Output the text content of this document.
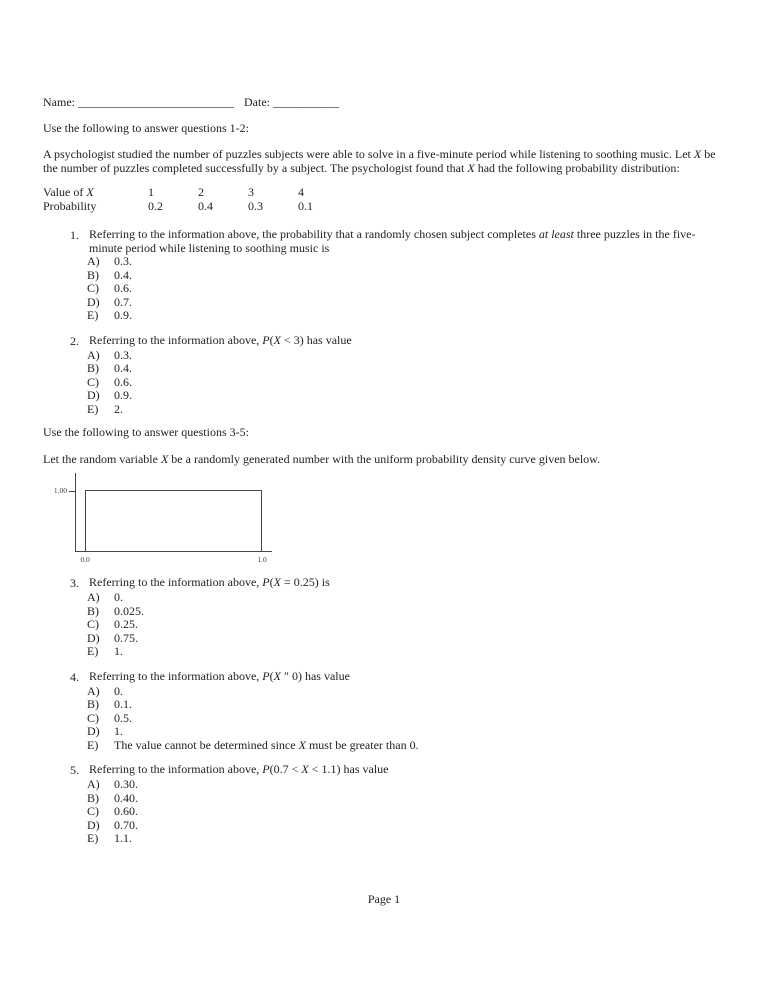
Name: __________________________ Date: ___________
Use the following to answer questions 1-2:
A psychologist studied the number of puzzles subjects were able to solve in a five-minute period while listening to soothing music. Let X be
the number of puzzles completed successfully by a subject. The psychologist found that X had the following probability distribution:
Value of X	1	2	3	4
Probability	0.2	0.4	0.3	0.1
1. Referring to the information above, the probability that a randomly chosen subject completes at least three puzzles in the five-
minute period while listening to soothing music is
A)	0.3.
B)	0.4.
C)	0.6.
D)	0.7.
E)	0.9.
2. Referring to the information above, P(X < 3) has value
A)	0.3.
B)	0.4.
C)	0.6.
D)	0.9.
E)	2.
Use the following to answer questions 3-5:
Let the random variable X be a randomly generated number with the uniform probability density curve given below.
1.00
0.0	1.0
3. Referring to the information above, P(X = 0.25) is
A)	0.
B)	0.025.
C)	0.25.
D)	0.75.
E)	1.
4. Referring to the information above, P(X ″ 0) has value
A)	0.
B)	0.1.
C)	0.5.
D)	1.
E)	The value cannot be determined since X must be greater than 0.
5. Referring to the information above, P(0.7 < X < 1.1) has value
A)	0.30.
B)	0.40.
C)	0.60.
D)	0.70.
E)	1.1.
Page 1
